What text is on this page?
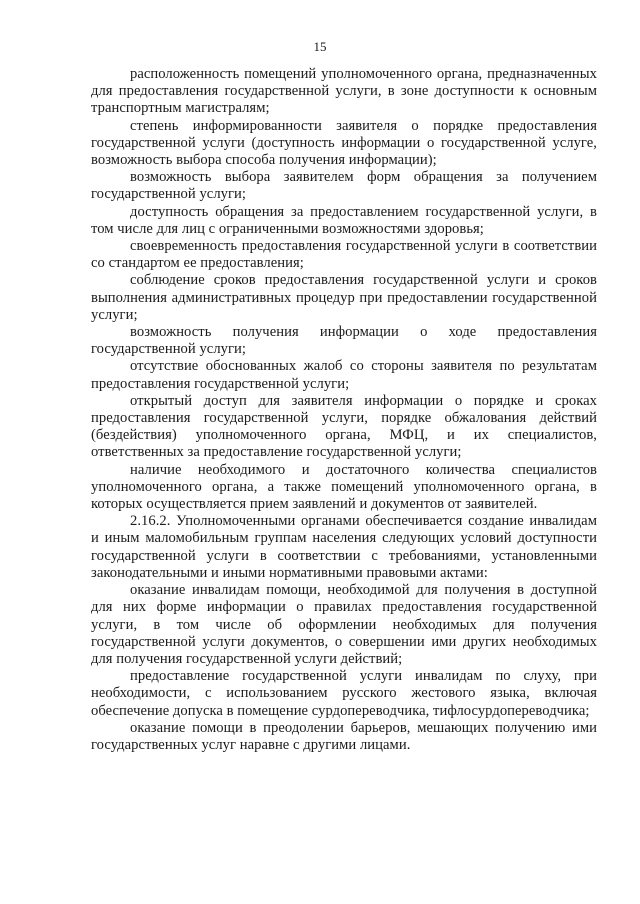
15

расположенность помещений уполномоченного органа, предназначенных для предоставления государственной услуги, в зоне доступности к основным транспортным магистралям;

степень информированности заявителя о порядке предоставления государственной услуги (доступность информации о государственной услуге, возможность выбора способа получения информации);

возможность выбора заявителем форм обращения за получением государственной услуги;

доступность обращения за предоставлением государственной услуги, в том числе для лиц с ограниченными возможностями здоровья;

своевременность предоставления государственной услуги в соответствии со стандартом ее предоставления;

соблюдение сроков предоставления государственной услуги и сроков выполнения административных процедур при предоставлении государственной услуги;

возможность получения информации о ходе предоставления государственной услуги;

отсутствие обоснованных жалоб со стороны заявителя по результатам предоставления государственной услуги;

открытый доступ для заявителя информации о порядке и сроках предоставления государственной услуги, порядке обжалования действий (бездействия) уполномоченного органа, МФЦ, и их специалистов, ответственных за предоставление государственной услуги;

наличие необходимого и достаточного количества специалистов уполномоченного органа, а также помещений уполномоченного органа, в которых осуществляется прием заявлений и документов от заявителей.

2.16.2. Уполномоченными органами обеспечивается создание инвалидам и иным маломобильным группам населения следующих условий доступности государственной услуги в соответствии с требованиями, установленными законодательными и иными нормативными правовыми актами:

оказание инвалидам помощи, необходимой для получения в доступной для них форме информации о правилах предоставления государственной услуги, в том числе об оформлении необходимых для получения государственной услуги документов, о совершении ими других необходимых для получения государственной услуги действий;

предоставление государственной услуги инвалидам по слуху, при необходимости, с использованием русского жестового языка, включая обеспечение допуска в помещение сурдопереводчика, тифлосурдопереводчика;

оказание помощи в преодолении барьеров, мешающих получению ими государственных услуг наравне с другими лицами.
